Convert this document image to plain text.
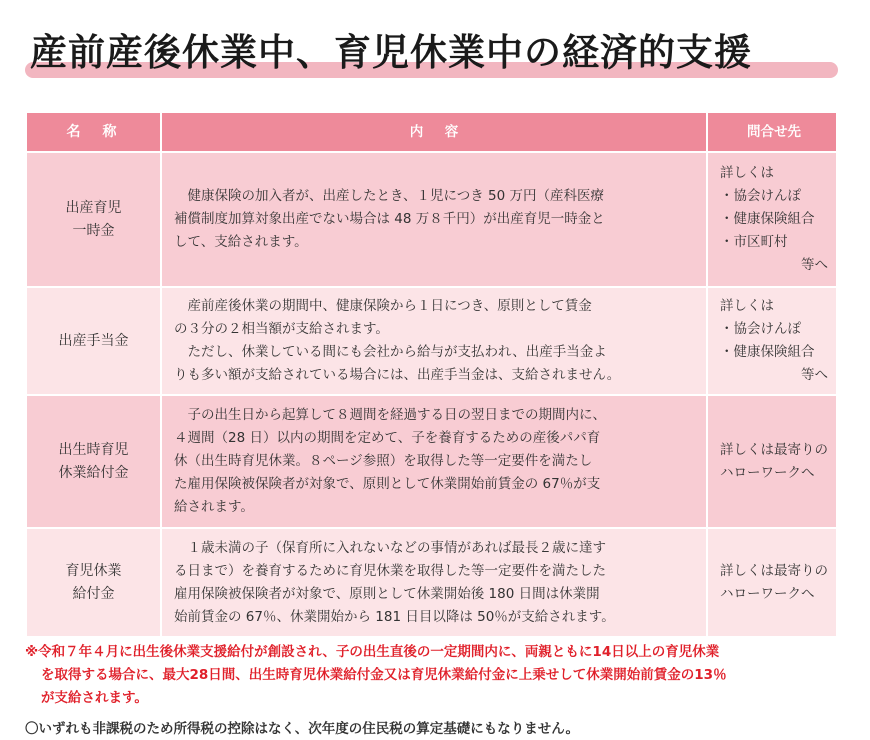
産前産後休業中、育児休業中の経済的支援
名　称	内　容	問合せ先

出産育児
一時金	　健康保険の加入者が、出産したとき、１児につき 50 万円（産科医療
補償制度加算対象出産でない場合は 48 万８千円）が出産育児一時金と
して、支給されます。	詳しくは
・協会けんぽ
・健康保険組合
・市区町村
等へ

出産手当金	　産前産後休業の期間中、健康保険から１日につき、原則として賃金
の３分の２相当額が支給されます。
　ただし、休業している間にも会社から給与が支払われ、出産手当金よ
りも多い額が支給されている場合には、出産手当金は、支給されません。	詳しくは
・協会けんぽ
・健康保険組合
等へ

出生時育児
休業給付金	　子の出生日から起算して８週間を経過する日の翌日までの期間内に、
４週間（28 日）以内の期間を定めて、子を養育するための産後パパ育
休（出生時育児休業。８ページ参照）を取得した等一定要件を満たし
た雇用保険被保険者が対象で、原則として休業開始前賃金の 67％が支
給されます。	詳しくは最寄りの
ハローワークへ

育児休業
給付金	　１歳未満の子（保育所に入れないなどの事情があれば最長２歳に達す
る日まで）を養育するために育児休業を取得した等一定要件を満たした
雇用保険被保険者が対象で、原則として休業開始後 180 日間は休業開
始前賃金の 67％、休業開始から 181 日目以降は 50％が支給されます。	詳しくは最寄りの
ハローワークへ
※令和７年４月に出生後休業支援給付が創設され、子の出生直後の一定期間内に、両親ともに14日以上の育児休業
を取得する場合に、最大28日間、出生時育児休業給付金又は育児休業給付金に上乗せして休業開始前賃金の13％
が支給されます。
〇いずれも非課税のため所得税の控除はなく、次年度の住民税の算定基礎にもなりません。
